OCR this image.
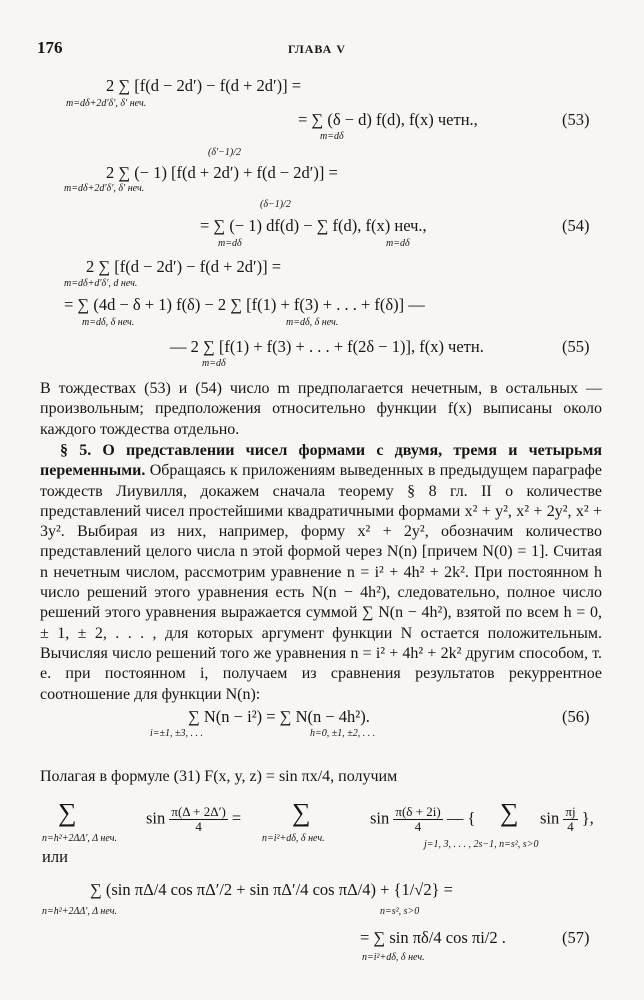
176	ГЛАВА V
2 ∑ [f(d − 2d′) − f(d + 2d′)] =
m=dδ+2d′δ′, δ′ неч.
= ∑ (δ − d) f(d), f(x) четн.,
m=dδ
(53)
(δ′−1)/2
2 ∑ (− 1) [f(d + 2d′) + f(d − 2d′)] =
m=dδ+2d′δ′, δ′ неч.
(δ−1)/2
= ∑ (− 1) df(d) − ∑ f(d), f(x) неч.,
m=dδ	m=dδ
(54)
2 ∑ [f(d − 2d′) − f(d + 2d′)] =
m=dδ+d′δ′, d неч.
= ∑ (4d − δ + 1) f(δ) − 2 ∑ [f(1) + f(3) + . . . + f(δ)] —
m=dδ, δ неч.	m=dδ, δ неч.
— 2 ∑ [f(1) + f(3) + . . . + f(2δ − 1)], f(x) четн.
m=dδ
(55)

В тождествах (53) и (54) число m предполагается нечетным, в остальных — произвольным; предположения относительно функции f(x) выписаны около каждого тождества отдельно.

§ 5. О представлении чисел формами с двумя, тремя и четырьмя переменными. Обращаясь к приложениям выведенных в предыдущем параграфе тождеств Лиувилля, докажем сначала теорему § 8 гл. II о количестве представлений чисел простейшими квадратичными формами x² + y², x² + 2y², x² + 3y². Выбирая из них, например, форму x² + 2y², обозначим количество представлений целого числа n этой формой через N(n) [причем N(0) = 1]. Считая n нечетным числом, рассмотрим уравнение n = i² + 4h² + 2k². При постоянном h число решений этого уравнения есть N(n − 4h²), следовательно, полное число решений этого уравнения выражается суммой ∑ N(n − 4h²), взятой по всем h = 0, ± 1, ± 2, . . . , для которых аргумент функции N остается положительным. Вычисляя число решений того же уравнения n = i² + 4h² + 2k² другим способом, т. е. при постоянном i, получаем из сравнения результатов рекуррентное соотношение для функции N(n):

∑ N(n − i²) = ∑ N(n − 4h²).
i=±1, ±3, . . .	h=0, ±1, ±2, . . .
(56)

Полагая в формуле (31) F(x, y, z) = sin πx/4, получим

∑	$\sin \frac{\pi(\Delta + 2\Delta')}{4}$ = ∑	$\sin \frac{\pi(\delta + 2i)}{4}$ — { ∑ $\sin \frac{\pi j}{4}$ },
n=h²+2ΔΔ′, Δ неч.	n=i²+dδ, δ неч.
j=1, 3, . . . , 2s−1, n=s², s>0
или
∑ (sin πΔ/4 cos πΔ′/2 + sin πΔ′/4 cos πΔ/4) + {1/√2} =
n=h²+2ΔΔ′, Δ неч.	n=s², s>0
= ∑ sin πδ/4 cos πi/2 .
n=i²+dδ, δ неч.
(57)
